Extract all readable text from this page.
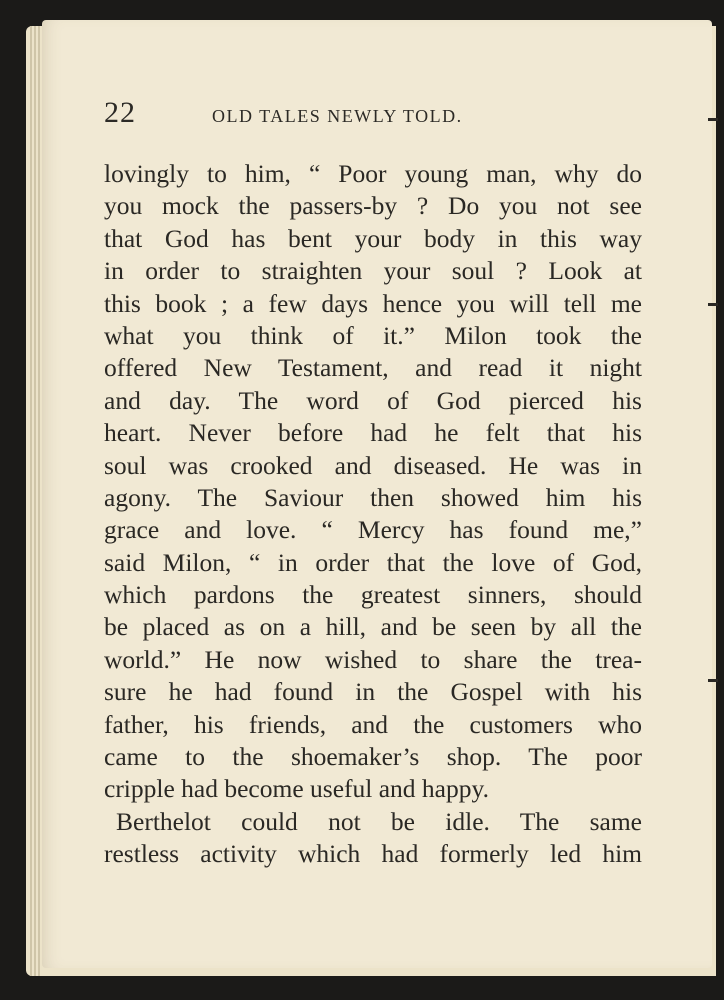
22	OLD TALES NEWLY TOLD.
lovingly to him, “ Poor young man, why do
you mock the passers-by ? Do you not see
that God has bent your body in this way
in order to straighten your soul ? Look at
this book ; a few days hence you will tell me
what you think of it.” Milon took the
offered New Testament, and read it night
and day. The word of God pierced his
heart. Never before had he felt that his
soul was crooked and diseased. He was in
agony. The Saviour then showed him his
grace and love. “ Mercy has found me,”
said Milon, “ in order that the love of God,
which pardons the greatest sinners, should
be placed as on a hill, and be seen by all the
world.” He now wished to share the trea-
sure he had found in the Gospel with his
father, his friends, and the customers who
came to the shoemaker’s shop. The poor
cripple had become useful and happy.
Berthelot could not be idle. The same
restless activity which had formerly led him
